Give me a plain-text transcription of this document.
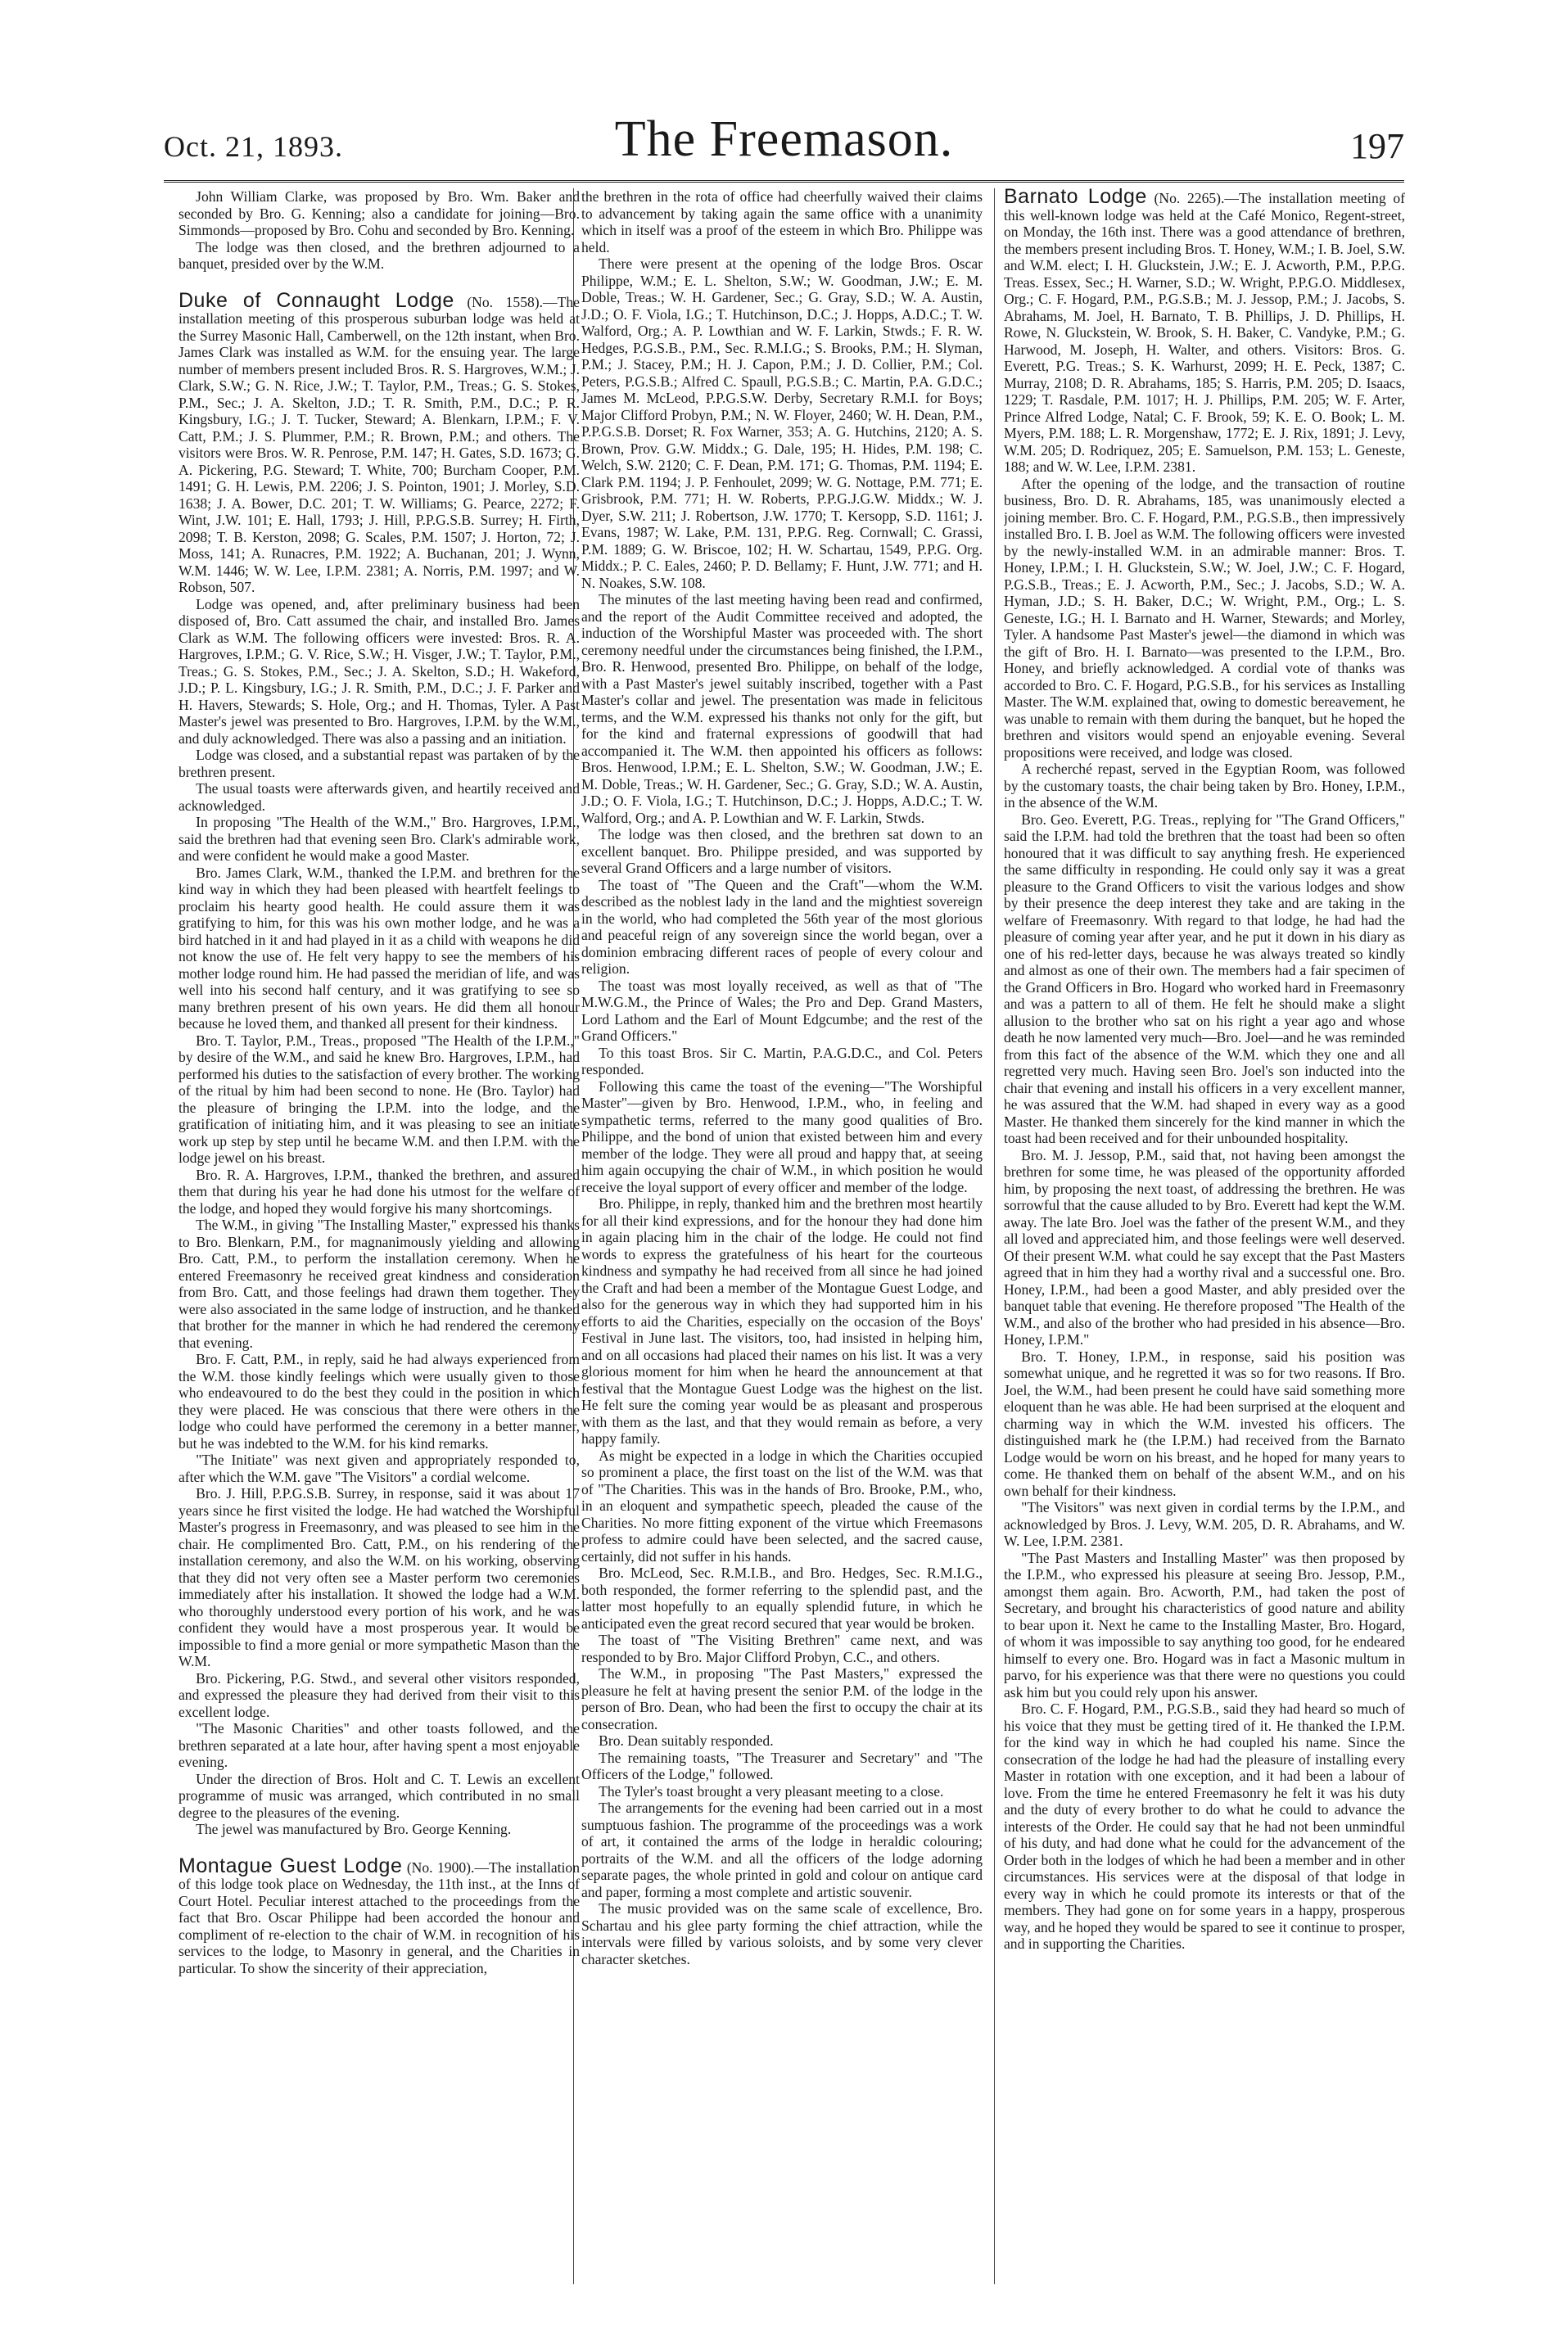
Oct. 21, 1893.	The Freemason.	197

John William Clarke, was proposed by Bro. Wm. Baker and seconded by Bro. G. Kenning; also a candidate for joining—Bro. Simmonds—proposed by Bro. Cohu and seconded by Bro. Kenning.

The lodge was then closed, and the brethren adjourned to a banquet, presided over by the W.M.

Duke of Connaught Lodge (No. 1558).—The installation meeting of this prosperous suburban lodge was held at the Surrey Masonic Hall, Camberwell, on the 12th instant, when Bro. James Clark was installed as W.M. for the ensuing year. The large number of members present included Bros. R. S. Hargroves, W.M.; J. Clark, S.W.; G. N. Rice, J.W.; T. Taylor, P.M., Treas.; G. S. Stokes, P.M., Sec.; J. A. Skelton, J.D.; T. R. Smith, P.M., D.C.; P. R. Kingsbury, I.G.; J. T. Tucker, Steward; A. Blenkarn, I.P.M.; F. V. Catt, P.M.; J. S. Plummer, P.M.; R. Brown, P.M.; and others. The visitors were Bros. W. R. Penrose, P.M. 147; H. Gates, S.D. 1673; G. A. Pickering, P.G. Steward; T. White, 700; Burcham Cooper, P.M. 1491; G. H. Lewis, P.M. 2206; J. S. Pointon, 1901; J. Morley, S.D. 1638; J. A. Bower, D.C. 201; T. W. Williams; G. Pearce, 2272; F. Wint, J.W. 101; E. Hall, 1793; J. Hill, P.P.G.S.B. Surrey; H. Firth, 2098; T. B. Kerston, 2098; G. Scales, P.M. 1507; J. Horton, 72; J. Moss, 141; A. Runacres, P.M. 1922; A. Buchanan, 201; J. Wynn, W.M. 1446; W. W. Lee, I.P.M. 2381; A. Norris, P.M. 1997; and W. Robson, 507.

Lodge was opened, and, after preliminary business had been disposed of, Bro. Catt assumed the chair, and installed Bro. James Clark as W.M. The following officers were invested: Bros. R. A. Hargroves, I.P.M.; G. V. Rice, S.W.; H. Visger, J.W.; T. Taylor, P.M., Treas.; G. S. Stokes, P.M., Sec.; J. A. Skelton, S.D.; H. Wakeford, J.D.; P. L. Kingsbury, I.G.; J. R. Smith, P.M., D.C.; J. F. Parker and H. Havers, Stewards; S. Hole, Org.; and H. Thomas, Tyler. A Past Master's jewel was presented to Bro. Hargroves, I.P.M. by the W.M., and duly acknowledged. There was also a passing and an initiation.

Lodge was closed, and a substantial repast was partaken of by the brethren present.

The usual toasts were afterwards given, and heartily received and acknowledged.

In proposing "The Health of the W.M.," Bro. Hargroves, I.P.M., said the brethren had that evening seen Bro. Clark's admirable work, and were confident he would make a good Master.

Bro. James Clark, W.M., thanked the I.P.M. and brethren for the kind way in which they had been pleased with heartfelt feelings to proclaim his hearty good health. He could assure them it was gratifying to him, for this was his own mother lodge, and he was a bird hatched in it and had played in it as a child with weapons he did not know the use of. He felt very happy to see the members of his mother lodge round him. He had passed the meridian of life, and was well into his second half century, and it was gratifying to see so many brethren present of his own years. He did them all honour because he loved them, and thanked all present for their kindness.

Bro. T. Taylor, P.M., Treas., proposed "The Health of the I.P.M.," by desire of the W.M., and said he knew Bro. Hargroves, I.P.M., had performed his duties to the satisfaction of every brother. The working of the ritual by him had been second to none. He (Bro. Taylor) had the pleasure of bringing the I.P.M. into the lodge, and the gratification of initiating him, and it was pleasing to see an initiate work up step by step until he became W.M. and then I.P.M. with the lodge jewel on his breast.

Bro. R. A. Hargroves, I.P.M., thanked the brethren, and assured them that during his year he had done his utmost for the welfare of the lodge, and hoped they would forgive his many shortcomings.

The W.M., in giving "The Installing Master," expressed his thanks to Bro. Blenkarn, P.M., for magnanimously yielding and allowing Bro. Catt, P.M., to perform the installation ceremony. When he entered Freemasonry he received great kindness and consideration from Bro. Catt, and those feelings had drawn them together. They were also associated in the same lodge of instruction, and he thanked that brother for the manner in which he had rendered the ceremony that evening.

Bro. F. Catt, P.M., in reply, said he had always experienced from the W.M. those kindly feelings which were usually given to those who endeavoured to do the best they could in the position in which they were placed. He was conscious that there were others in the lodge who could have performed the ceremony in a better manner, but he was indebted to the W.M. for his kind remarks.

"The Initiate" was next given and appropriately responded to, after which the W.M. gave "The Visitors" a cordial welcome.

Bro. J. Hill, P.P.G.S.B. Surrey, in response, said it was about 17 years since he first visited the lodge. He had watched the Worshipful Master's progress in Freemasonry, and was pleased to see him in the chair. He complimented Bro. Catt, P.M., on his rendering of the installation ceremony, and also the W.M. on his working, observing that they did not very often see a Master perform two ceremonies immediately after his installation. It showed the lodge had a W.M. who thoroughly understood every portion of his work, and he was confident they would have a most prosperous year. It would be impossible to find a more genial or more sympathetic Mason than the W.M.

Bro. Pickering, P.G. Stwd., and several other visitors responded, and expressed the pleasure they had derived from their visit to this excellent lodge.

"The Masonic Charities" and other toasts followed, and the brethren separated at a late hour, after having spent a most enjoyable evening.

Under the direction of Bros. Holt and C. T. Lewis an excellent programme of music was arranged, which contributed in no small degree to the pleasures of the evening.

The jewel was manufactured by Bro. George Kenning.

Montague Guest Lodge (No. 1900).—The installation of this lodge took place on Wednesday, the 11th inst., at the Inns of Court Hotel. Peculiar interest attached to the proceedings from the fact that Bro. Oscar Philippe had been accorded the honour and compliment of re-election to the chair of W.M. in recognition of his services to the lodge, to Masonry in general, and the Charities in particular. To show the sincerity of their appreciation,

the brethren in the rota of office had cheerfully waived their claims to advancement by taking again the same office with a unanimity which in itself was a proof of the esteem in which Bro. Philippe was held.

There were present at the opening of the lodge Bros. Oscar Philippe, W.M.; E. L. Shelton, S.W.; W. Goodman, J.W.; E. M. Doble, Treas.; W. H. Gardener, Sec.; G. Gray, S.D.; W. A. Austin, J.D.; O. F. Viola, I.G.; T. Hutchinson, D.C.; J. Hopps, A.D.C.; T. W. Walford, Org.; A. P. Lowthian and W. F. Larkin, Stwds.; F. R. W. Hedges, P.G.S.B., P.M., Sec. R.M.I.G.; S. Brooks, P.M.; H. Slyman, P.M.; J. Stacey, P.M.; H. J. Capon, P.M.; J. D. Collier, P.M.; Col. Peters, P.G.S.B.; Alfred C. Spaull, P.G.S.B.; C. Martin, P.A. G.D.C.; James M. McLeod, P.P.G.S.W. Derby, Secretary R.M.I. for Boys; Major Clifford Probyn, P.M.; N. W. Floyer, 2460; W. H. Dean, P.M., P.P.G.S.B. Dorset; R. Fox Warner, 353; A. G. Hutchins, 2120; A. S. Brown, Prov. G.W. Middx.; G. Dale, 195; H. Hides, P.M. 198; C. Welch, S.W. 2120; C. F. Dean, P.M. 171; G. Thomas, P.M. 1194; E. Clark P.M. 1194; J. P. Fenhoulet, 2099; W. G. Nottage, P.M. 771; E. Grisbrook, P.M. 771; H. W. Roberts, P.P.G.J.G.W. Middx.; W. J. Dyer, S.W. 211; J. Robertson, J.W. 1770; T. Kersopp, S.D. 1161; J. Evans, 1987; W. Lake, P.M. 131, P.P.G. Reg. Cornwall; C. Grassi, P.M. 1889; G. W. Briscoe, 102; H. W. Schartau, 1549, P.P.G. Org. Middx.; P. C. Eales, 2460; P. D. Bellamy; F. Hunt, J.W. 771; and H. N. Noakes, S.W. 108.

The minutes of the last meeting having been read and confirmed, and the report of the Audit Committee received and adopted, the induction of the Worshipful Master was proceeded with. The short ceremony needful under the circumstances being finished, the I.P.M., Bro. R. Henwood, presented Bro. Philippe, on behalf of the lodge, with a Past Master's jewel suitably inscribed, together with a Past Master's collar and jewel. The presentation was made in felicitous terms, and the W.M. expressed his thanks not only for the gift, but for the kind and fraternal expressions of goodwill that had accompanied it. The W.M. then appointed his officers as follows: Bros. Henwood, I.P.M.; E. L. Shelton, S.W.; W. Goodman, J.W.; E. M. Doble, Treas.; W. H. Gardener, Sec.; G. Gray, S.D.; W. A. Austin, J.D.; O. F. Viola, I.G.; T. Hutchinson, D.C.; J. Hopps, A.D.C.; T. W. Walford, Org.; and A. P. Lowthian and W. F. Larkin, Stwds.

The lodge was then closed, and the brethren sat down to an excellent banquet. Bro. Philippe presided, and was supported by several Grand Officers and a large number of visitors.

The toast of "The Queen and the Craft"—whom the W.M. described as the noblest lady in the land and the mightiest sovereign in the world, who had completed the 56th year of the most glorious and peaceful reign of any sovereign since the world began, over a dominion embracing different races of people of every colour and religion.

The toast was most loyally received, as well as that of "The M.W.G.M., the Prince of Wales; the Pro and Dep. Grand Masters, Lord Lathom and the Earl of Mount Edgcumbe; and the rest of the Grand Officers."

To this toast Bros. Sir C. Martin, P.A.G.D.C., and Col. Peters responded.

Following this came the toast of the evening—"The Worshipful Master"—given by Bro. Henwood, I.P.M., who, in feeling and sympathetic terms, referred to the many good qualities of Bro. Philippe, and the bond of union that existed between him and every member of the lodge. They were all proud and happy that, at seeing him again occupying the chair of W.M., in which position he would receive the loyal support of every officer and member of the lodge.

Bro. Philippe, in reply, thanked him and the brethren most heartily for all their kind expressions, and for the honour they had done him in again placing him in the chair of the lodge. He could not find words to express the gratefulness of his heart for the courteous kindness and sympathy he had received from all since he had joined the Craft and had been a member of the Montague Guest Lodge, and also for the generous way in which they had supported him in his efforts to aid the Charities, especially on the occasion of the Boys' Festival in June last. The visitors, too, had insisted in helping him, and on all occasions had placed their names on his list. It was a very glorious moment for him when he heard the announcement at that festival that the Montague Guest Lodge was the highest on the list. He felt sure the coming year would be as pleasant and prosperous with them as the last, and that they would remain as before, a very happy family.

As might be expected in a lodge in which the Charities occupied so prominent a place, the first toast on the list of the W.M. was that of "The Charities. This was in the hands of Bro. Brooke, P.M., who, in an eloquent and sympathetic speech, pleaded the cause of the Charities. No more fitting exponent of the virtue which Freemasons profess to admire could have been selected, and the sacred cause, certainly, did not suffer in his hands.

Bro. McLeod, Sec. R.M.I.B., and Bro. Hedges, Sec. R.M.I.G., both responded, the former referring to the splendid past, and the latter most hopefully to an equally splendid future, in which he anticipated even the great record secured that year would be broken.

The toast of "The Visiting Brethren" came next, and was responded to by Bro. Major Clifford Probyn, C.C., and others.

The W.M., in proposing "The Past Masters," expressed the pleasure he felt at having present the senior P.M. of the lodge in the person of Bro. Dean, who had been the first to occupy the chair at its consecration.

Bro. Dean suitably responded.

The remaining toasts, "The Treasurer and Secretary" and "The Officers of the Lodge," followed.

The Tyler's toast brought a very pleasant meeting to a close.

The arrangements for the evening had been carried out in a most sumptuous fashion. The programme of the proceedings was a work of art, it contained the arms of the lodge in heraldic colouring; portraits of the W.M. and all the officers of the lodge adorning separate pages, the whole printed in gold and colour on antique card and paper, forming a most complete and artistic souvenir.

The music provided was on the same scale of excellence, Bro. Schartau and his glee party forming the chief attraction, while the intervals were filled by various soloists, and by some very clever character sketches.

Barnato Lodge (No. 2265).—The installation meeting of this well-known lodge was held at the Café Monico, Regent-street, on Monday, the 16th inst. There was a good attendance of brethren, the members present including Bros. T. Honey, W.M.; I. B. Joel, S.W. and W.M. elect; I. H. Gluckstein, J.W.; E. J. Acworth, P.M., P.P.G. Treas. Essex, Sec.; H. Warner, S.D.; W. Wright, P.P.G.O. Middlesex, Org.; C. F. Hogard, P.M., P.G.S.B.; M. J. Jessop, P.M.; J. Jacobs, S. Abrahams, M. Joel, H. Barnato, T. B. Phillips, J. D. Phillips, H. Rowe, N. Gluckstein, W. Brook, S. H. Baker, C. Vandyke, P.M.; G. Harwood, M. Joseph, H. Walter, and others. Visitors: Bros. G. Everett, P.G. Treas.; S. K. Warhurst, 2099; H. E. Peck, 1387; C. Murray, 2108; D. R. Abrahams, 185; S. Harris, P.M. 205; D. Isaacs, 1229; T. Rasdale, P.M. 1017; H. J. Phillips, P.M. 205; W. F. Arter, Prince Alfred Lodge, Natal; C. F. Brook, 59; K. E. O. Book; L. M. Myers, P.M. 188; L. R. Morgenshaw, 1772; E. J. Rix, 1891; J. Levy, W.M. 205; D. Rodriquez, 205; E. Samuelson, P.M. 153; L. Geneste, 188; and W. W. Lee, I.P.M. 2381.

After the opening of the lodge, and the transaction of routine business, Bro. D. R. Abrahams, 185, was unanimously elected a joining member. Bro. C. F. Hogard, P.M., P.G.S.B., then impressively installed Bro. I. B. Joel as W.M. The following officers were invested by the newly-installed W.M. in an admirable manner: Bros. T. Honey, I.P.M.; I. H. Gluckstein, S.W.; W. Joel, J.W.; C. F. Hogard, P.G.S.B., Treas.; E. J. Acworth, P.M., Sec.; J. Jacobs, S.D.; W. A. Hyman, J.D.; S. H. Baker, D.C.; W. Wright, P.M., Org.; L. S. Geneste, I.G.; H. I. Barnato and H. Warner, Stewards; and Morley, Tyler. A handsome Past Master's jewel—the diamond in which was the gift of Bro. H. I. Barnato—was presented to the I.P.M., Bro. Honey, and briefly acknowledged. A cordial vote of thanks was accorded to Bro. C. F. Hogard, P.G.S.B., for his services as Installing Master. The W.M. explained that, owing to domestic bereavement, he was unable to remain with them during the banquet, but he hoped the brethren and visitors would spend an enjoyable evening. Several propositions were received, and lodge was closed.

A recherché repast, served in the Egyptian Room, was followed by the customary toasts, the chair being taken by Bro. Honey, I.P.M., in the absence of the W.M.

Bro. Geo. Everett, P.G. Treas., replying for "The Grand Officers," said the I.P.M. had told the brethren that the toast had been so often honoured that it was difficult to say anything fresh. He experienced the same difficulty in responding. He could only say it was a great pleasure to the Grand Officers to visit the various lodges and show by their presence the deep interest they take and are taking in the welfare of Freemasonry. With regard to that lodge, he had had the pleasure of coming year after year, and he put it down in his diary as one of his red-letter days, because he was always treated so kindly and almost as one of their own. The members had a fair specimen of the Grand Officers in Bro. Hogard who worked hard in Freemasonry and was a pattern to all of them. He felt he should make a slight allusion to the brother who sat on his right a year ago and whose death he now lamented very much—Bro. Joel—and he was reminded from this fact of the absence of the W.M. which they one and all regretted very much. Having seen Bro. Joel's son inducted into the chair that evening and install his officers in a very excellent manner, he was assured that the W.M. had shaped in every way as a good Master. He thanked them sincerely for the kind manner in which the toast had been received and for their unbounded hospitality.

Bro. M. J. Jessop, P.M., said that, not having been amongst the brethren for some time, he was pleased of the opportunity afforded him, by proposing the next toast, of addressing the brethren. He was sorrowful that the cause alluded to by Bro. Everett had kept the W.M. away. The late Bro. Joel was the father of the present W.M., and they all loved and appreciated him, and those feelings were well deserved. Of their present W.M. what could he say except that the Past Masters agreed that in him they had a worthy rival and a successful one. Bro. Honey, I.P.M., had been a good Master, and ably presided over the banquet table that evening. He therefore proposed "The Health of the W.M., and also of the brother who had presided in his absence—Bro. Honey, I.P.M."

Bro. T. Honey, I.P.M., in response, said his position was somewhat unique, and he regretted it was so for two reasons. If Bro. Joel, the W.M., had been present he could have said something more eloquent than he was able. He had been surprised at the eloquent and charming way in which the W.M. invested his officers. The distinguished mark he (the I.P.M.) had received from the Barnato Lodge would be worn on his breast, and he hoped for many years to come. He thanked them on behalf of the absent W.M., and on his own behalf for their kindness.

"The Visitors" was next given in cordial terms by the I.P.M., and acknowledged by Bros. J. Levy, W.M. 205, D. R. Abrahams, and W. W. Lee, I.P.M. 2381.

"The Past Masters and Installing Master" was then proposed by the I.P.M., who expressed his pleasure at seeing Bro. Jessop, P.M., amongst them again. Bro. Acworth, P.M., had taken the post of Secretary, and brought his characteristics of good nature and ability to bear upon it. Next he came to the Installing Master, Bro. Hogard, of whom it was impossible to say anything too good, for he endeared himself to every one. Bro. Hogard was in fact a Masonic multum in parvo, for his experience was that there were no questions you could ask him but you could rely upon his answer.

Bro. C. F. Hogard, P.M., P.G.S.B., said they had heard so much of his voice that they must be getting tired of it. He thanked the I.P.M. for the kind way in which he had coupled his name. Since the consecration of the lodge he had had the pleasure of installing every Master in rotation with one exception, and it had been a labour of love. From the time he entered Freemasonry he felt it was his duty and the duty of every brother to do what he could to advance the interests of the Order. He could say that he had not been unmindful of his duty, and had done what he could for the advancement of the Order both in the lodges of which he had been a member and in other circumstances. His services were at the disposal of that lodge in every way in which he could promote its interests or that of the members. They had gone on for some years in a happy, prosperous way, and he hoped they would be spared to see it continue to prosper, and in supporting the Charities.
